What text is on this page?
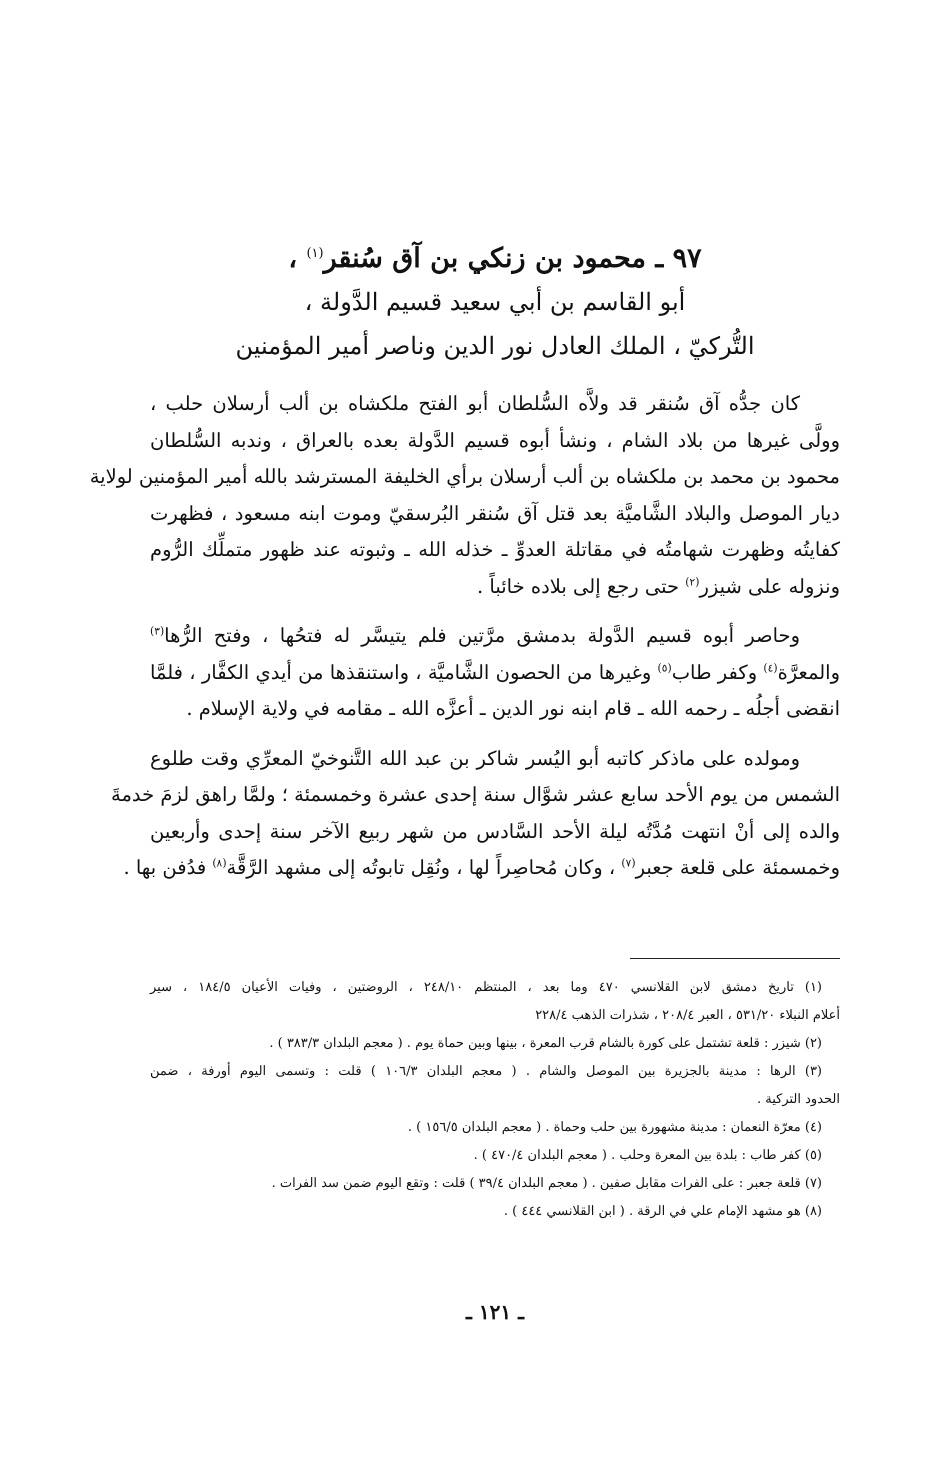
٩٧ ـ محمود بن زنكي بن آق سُنقر$^{(١)}$ ،
أبو القاسم بن أبي سعيد قسيم الدَّولة ،
التُّركيّ ، الملك العادل نور الدين وناصر أمير المؤمنين
كان جدُّه آق سُنقر قد ولاَّه السُّلطان أبو الفتح ملكشاه بن ألب أرسلان حلب ،
وولَّى غيرها من بلاد الشام ، ونشأ أبوه قسيم الدَّولة بعده بالعراق ، وندبه السُّلطان
محمود بن محمد بن ملكشاه بن ألب أرسلان برأي الخليفة المسترشد بالله أمير المؤمنين لولاية
ديار الموصل والبلاد الشَّاميَّة بعد قتل آق سُنقر البُرسقيّ وموت ابنه مسعود ، فظهرت
كفايتُه وظهرت شهامتُه في مقاتلة العدوِّ ـ خذله الله ـ وثبوته عند ظهور متملِّك الرُّوم
ونزوله على شيزر$^{(٢)}$ حتى رجع إلى بلاده خائباً .
وحاصر أبوه قسيم الدَّولة بدمشق مرَّتين فلم يتيسَّر له فتحُها ، وفتح الرُّها$^{(٣)}$
والمعرَّة$^{(٤)}$ وكفر طاب$^{(٥)}$ وغيرها من الحصون الشَّاميَّة ، واستنقذها من أيدي الكفَّار ، فلمَّا
انقضى أجلُه ـ رحمه الله ـ قام ابنه نور الدين ـ أعزَّه الله ـ مقامه في ولاية الإسلام .
ومولده على ماذكر كاتبه أبو اليُسر شاكر بن عبد الله التَّنوخيّ المعرِّي وقت طلوع
الشمس من يوم الأحد سابع عشر شوَّال سنة إحدى عشرة وخمسمئة ؛ ولمَّا راهق لزمَ خدمةَ
والده إلى أنْ انتهت مُدَّتُه ليلة الأحد السَّادس من شهر ربيع الآخر سنة إحدى وأربعين
وخمسمئة على قلعة جعبر$^{(٧)}$ ، وكان مُحاصِراً لها ، ونُقِل تابوتُه إلى مشهد الرَّقَّة$^{(٨)}$ فدُفن بها .
(١) تاريخ دمشق لابن القلانسي ٤٧٠ وما بعد ، المنتظم ٢٤٨/١٠ ، الروضتين ، وفيات الأعيان ١٨٤/٥ ، سير
أعلام النبلاء ٥٣١/٢٠ ، العبر ٢٠٨/٤ ، شذرات الذهب ٢٢٨/٤
(٢) شيزر : قلعة تشتمل على كورة بالشام قرب المعرة ، بينها وبين حماة يوم . ( معجم البلدان ٣٨٣/٣ ) .
(٣) الرها : مدينة بالجزيرة بين الموصل والشام . ( معجم البلدان ١٠٦/٣ ) قلت : وتسمى اليوم أورفة ، ضمن
الحدود التركية .
(٤) معرّة النعمان : مدينة مشهورة بين حلب وحماة . ( معجم البلدان ١٥٦/٥ ) .
(٥) كفر طاب : بلدة بين المعرة وحلب . ( معجم البلدان ٤٧٠/٤ ) .
(٧) قلعة جعبر : على الفرات مقابل صفين . ( معجم البلدان ٣٩/٤ ) قلت : وتقع اليوم ضمن سد الفرات .
(٨) هو مشهد الإمام علي في الرقة . ( ابن القلانسي ٤٤٤ ) .
ـ ١٢١ ـ
